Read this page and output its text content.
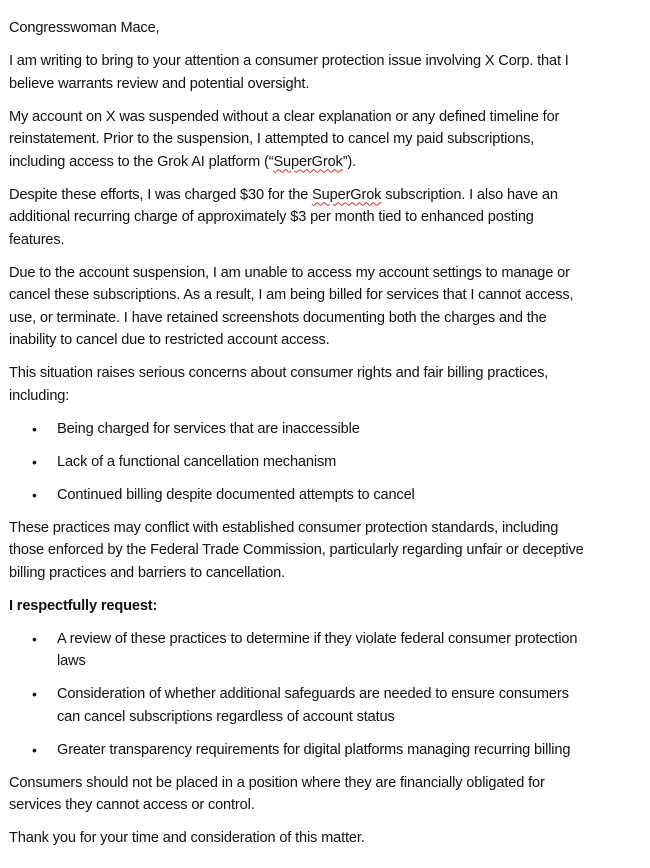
Congresswoman Mace,
I am writing to bring to your attention a consumer protection issue involving X Corp. that I
believe warrants review and potential oversight.
My account on X was suspended without a clear explanation or any defined timeline for
reinstatement. Prior to the suspension, I attempted to cancel my paid subscriptions,
including access to the Grok AI platform (“SuperGrok”).
Despite these efforts, I was charged $30 for the SuperGrok subscription. I also have an
additional recurring charge of approximately $3 per month tied to enhanced posting
features.
Due to the account suspension, I am unable to access my account settings to manage or
cancel these subscriptions. As a result, I am being billed for services that I cannot access,
use, or terminate. I have retained screenshots documenting both the charges and the
inability to cancel due to restricted account access.
This situation raises serious concerns about consumer rights and fair billing practices,
including:
• Being charged for services that are inaccessible
• Lack of a functional cancellation mechanism
• Continued billing despite documented attempts to cancel
These practices may conflict with established consumer protection standards, including
those enforced by the Federal Trade Commission, particularly regarding unfair or deceptive
billing practices and barriers to cancellation.
I respectfully request:
• A review of these practices to determine if they violate federal consumer protection
laws
• Consideration of whether additional safeguards are needed to ensure consumers
can cancel subscriptions regardless of account status
• Greater transparency requirements for digital platforms managing recurring billing
Consumers should not be placed in a position where they are financially obligated for
services they cannot access or control.
Thank you for your time and consideration of this matter.
